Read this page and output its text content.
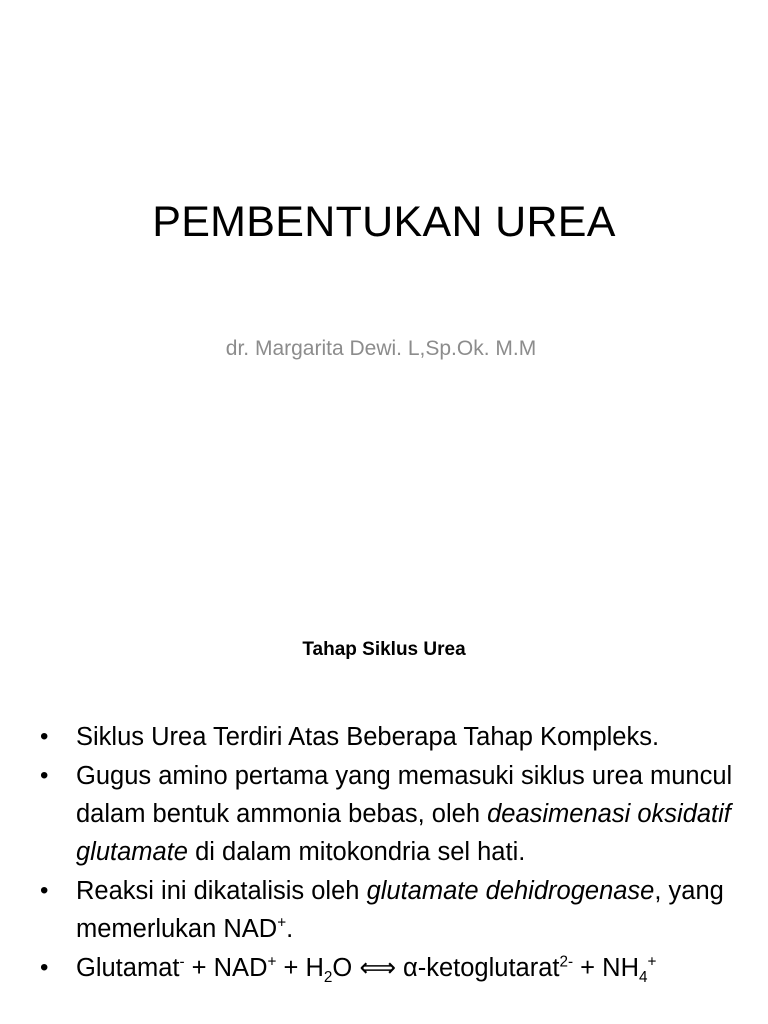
PEMBENTUKAN UREA
dr. Margarita Dewi. L,Sp.Ok. M.M
Tahap Siklus Urea
•	Siklus Urea Terdiri Atas Beberapa Tahap Kompleks.
•	Gugus amino pertama yang memasuki siklus urea muncul dalam bentuk ammonia bebas, oleh deasimenasi oksidatif glutamate di dalam mitokondria sel hati.
•	Reaksi ini dikatalisis oleh glutamate dehidrogenase, yang memerlukan NAD+.
•	Glutamat- + $NAD^+ + H_2O$ ⟺ α-ketoglutarat$^{2-}$ + $NH_4^+$
